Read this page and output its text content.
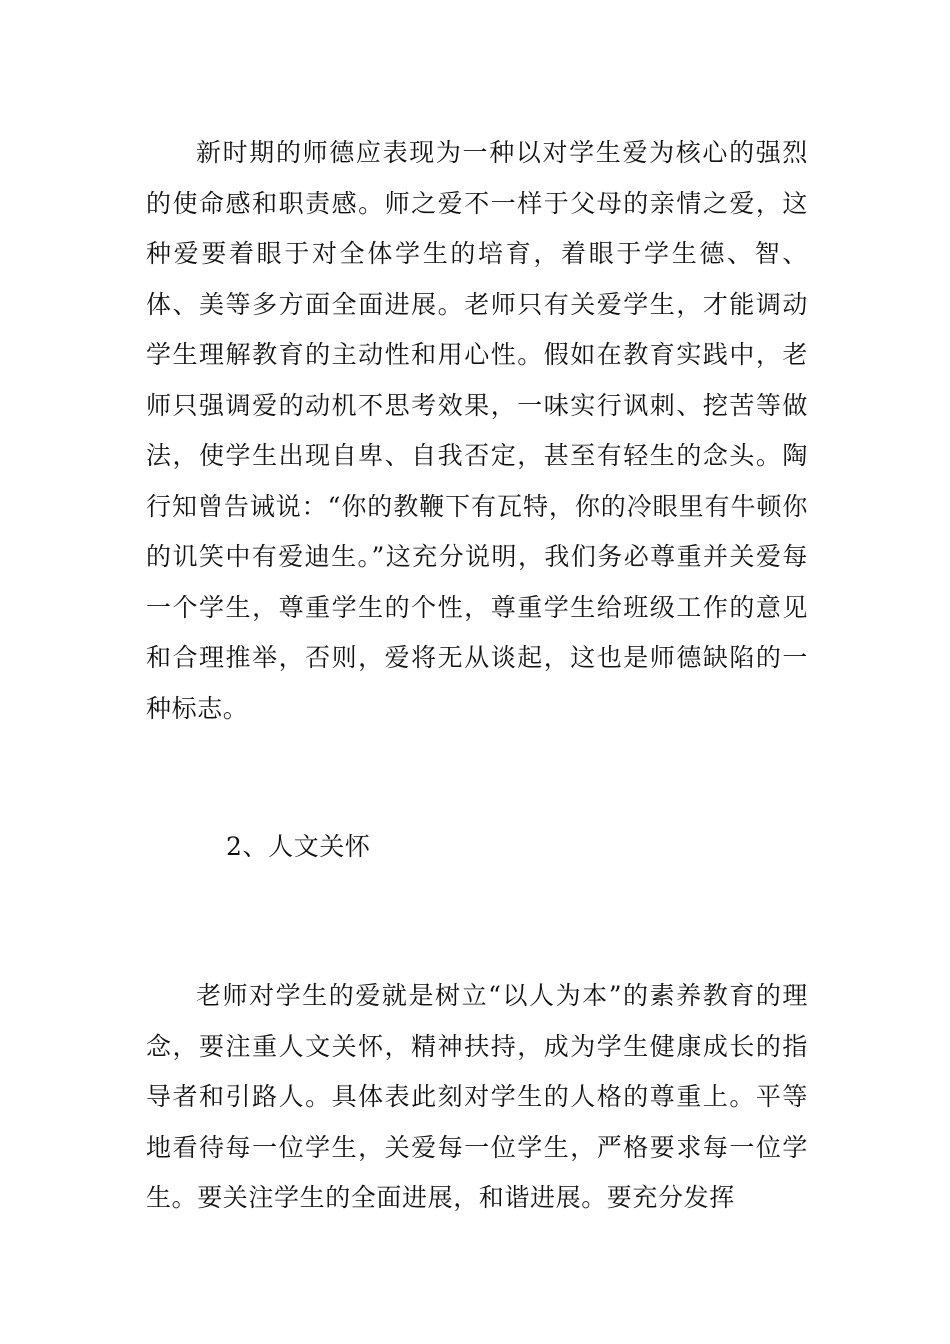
新时期的师德应表现为一种以对学生爱为核心的强烈的使命感和职责感。师之爱不一样于父母的亲情之爱，这种爱要着眼于对全体学生的培育，着眼于学生德、智、体、美等多方面全面进展。老师只有关爱学生，才能调动学生理解教育的主动性和用心性。假如在教育实践中，老师只强调爱的动机不思考效果，一味实行讽刺、挖苦等做法，使学生出现自卑、自我否定，甚至有轻生的念头。陶行知曾告诫说：“你的教鞭下有瓦特，你的冷眼里有牛顿你的讥笑中有爱迪生。”这充分说明，我们务必尊重并关爱每一个学生，尊重学生的个性，尊重学生给班级工作的意见和合理推举，否则，爱将无从谈起，这也是师德缺陷的一种标志。

2、人文关怀

老师对学生的爱就是树立“以人为本”的素养教育的理念，要注重人文关怀，精神扶持，成为学生健康成长的指导者和引路人。具体表此刻对学生的人格的尊重上。平等地看待每一位学生，关爱每一位学生，严格要求每一位学生。要关注学生的全面进展，和谐进展。要充分发挥
